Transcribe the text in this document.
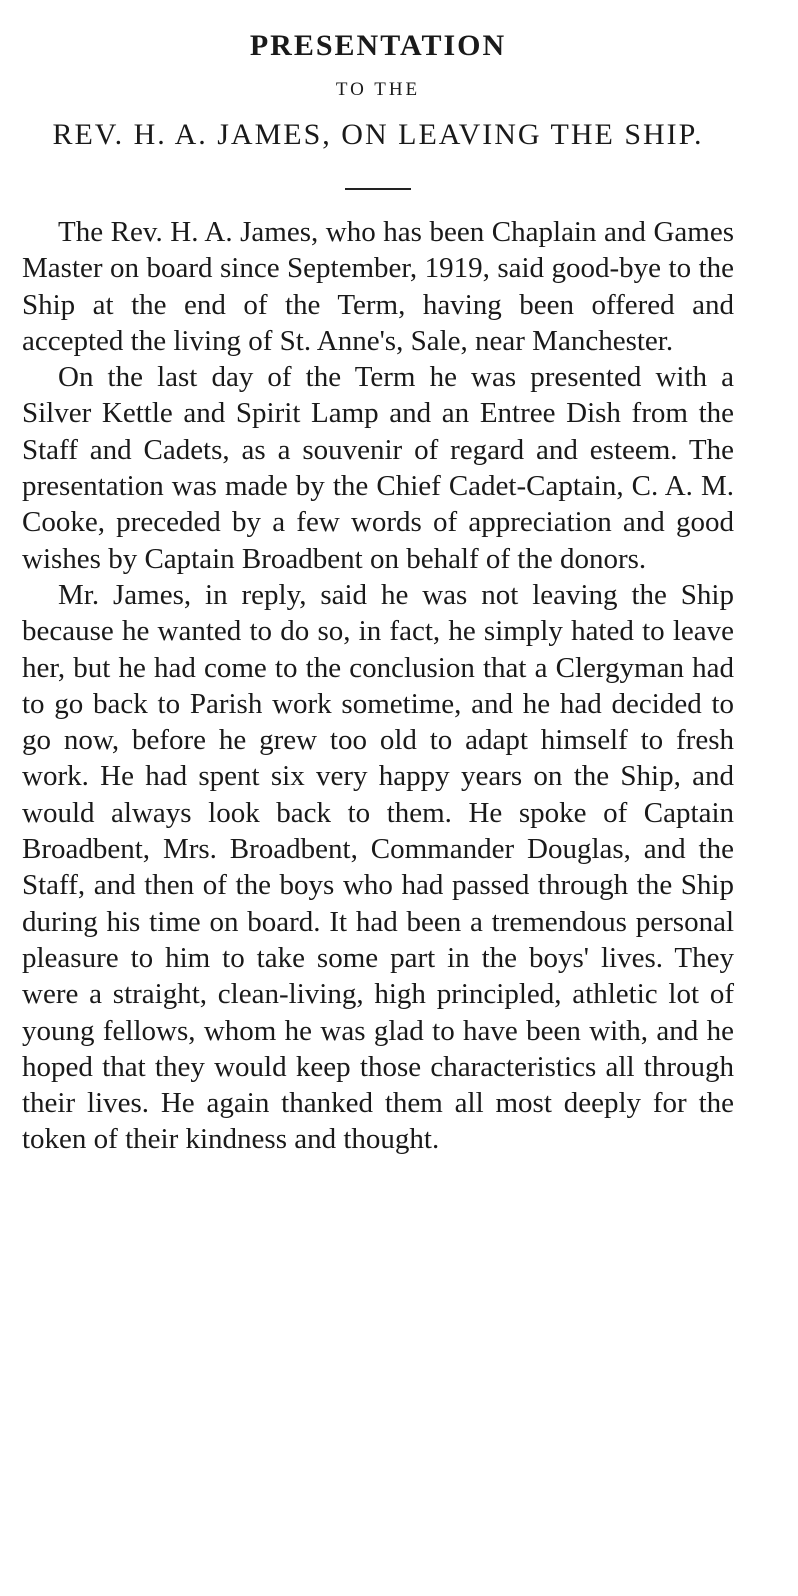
PRESENTATION
TO THE
REV. H. A. JAMES, ON LEAVING THE SHIP.

The Rev. H. A. James, who has been Chaplain and Games Master on board since September, 1919, said good-bye to the Ship at the end of the Term, having been offered and accepted the living of St. Anne's, Sale, near Manchester.

On the last day of the Term he was presented with a Silver Kettle and Spirit Lamp and an Entree Dish from the Staff and Cadets, as a souvenir of regard and esteem. The presentation was made by the Chief Cadet-Captain, C. A. M. Cooke, preceded by a few words of appreciation and good wishes by Captain Broadbent on behalf of the donors.

Mr. James, in reply, said he was not leaving the Ship because he wanted to do so, in fact, he simply hated to leave her, but he had come to the conclusion that a Clergyman had to go back to Parish work sometime, and he had decided to go now, before he grew too old to adapt himself to fresh work. He had spent six very happy years on the Ship, and would always look back to them. He spoke of Captain Broadbent, Mrs. Broadbent, Commander Douglas, and the Staff, and then of the boys who had passed through the Ship during his time on board. It had been a tremendous personal pleasure to him to take some part in the boys' lives. They were a straight, clean-living, high principled, athletic lot of young fellows, whom he was glad to have been with, and he hoped that they would keep those characteristics all through their lives. He again thanked them all most deeply for the token of their kindness and thought.
